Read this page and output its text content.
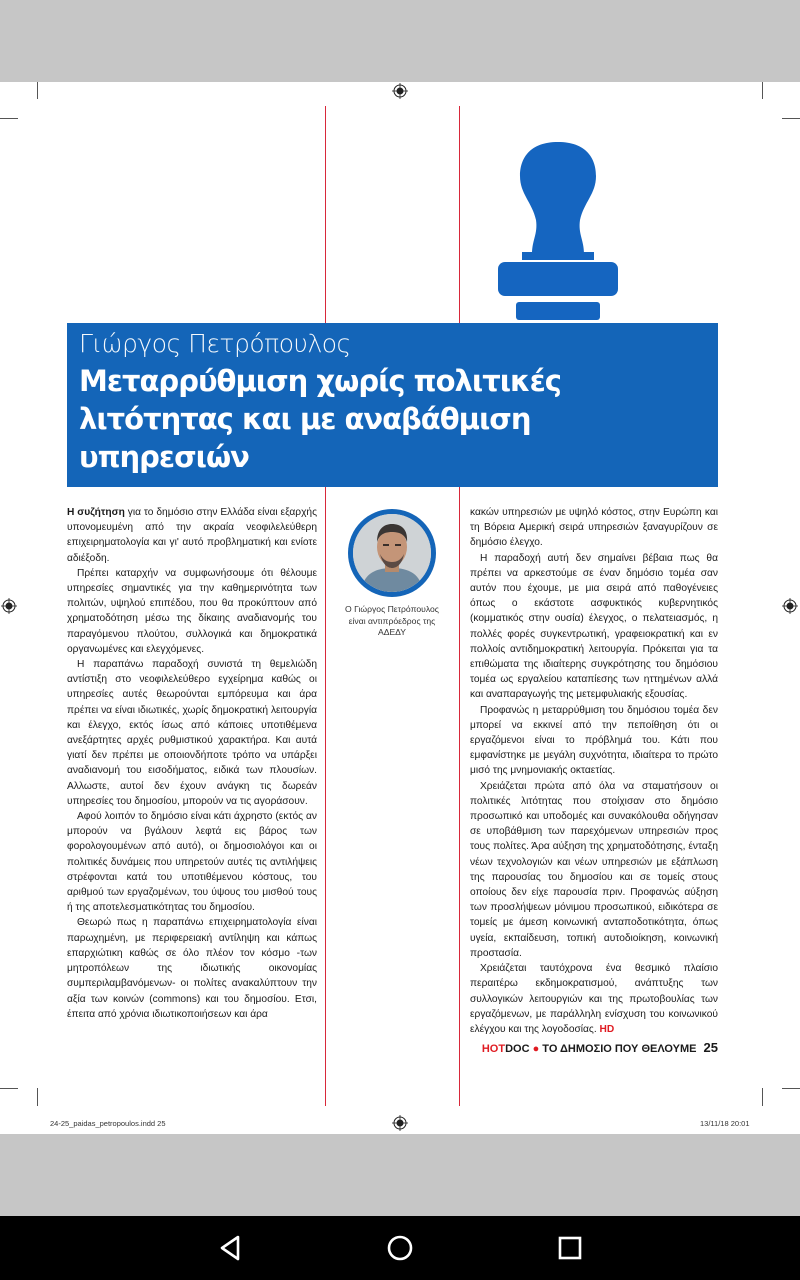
Γιώργος Πετρόπουλος
Μεταρρύθμιση χωρίς πολιτικές
λιτότητας και με αναβάθμιση
υπηρεσιών

Η συζήτηση για το δημόσιο στην Ελλάδα είναι εξαρχής υπονομευμένη από την ακραία νεοφιλελεύθερη επιχειρηματολογία και γι' αυτό προβληματική και ενίοτε αδιέξοδη.

Πρέπει καταρχήν να συμφωνήσουμε ότι θέλουμε υπηρεσίες σημαντικές για την καθημερινότητα των πολιτών, υψηλού επιπέδου, που θα προκύπτουν από χρηματοδότηση μέσω της δίκαιης αναδιανομής του παραγόμενου πλούτου, συλλογικά και δημοκρατικά οργανωμένες και ελεγχόμενες.

Η παραπάνω παραδοχή συνιστά τη θεμελιώδη αντίστιξη στο νεοφιλελεύθερο εγχείρημα καθώς οι υπηρεσίες αυτές θεωρούνται εμπόρευμα και άρα πρέπει να είναι ιδιωτικές, χωρίς δημοκρατική λειτουργία και έλεγχο, εκτός ίσως από κάποιες υποτιθέμενα ανεξάρτητες αρχές ρυθμιστικού χαρακτήρα. Και αυτά γιατί δεν πρέπει με οποιονδήποτε τρόπο να υπάρξει αναδιανομή του εισοδήματος, ειδικά των πλουσίων. Αλλωστε, αυτοί δεν έχουν ανάγκη τις δωρεάν υπηρεσίες του δημοσίου, μπορούν να τις αγοράσουν.

Αφού λοιπόν το δημόσιο είναι κάτι άχρηστο (εκτός αν μπορούν να βγάλουν λεφτά εις βάρος των φορολογουμένων από αυτό), οι δημοσιολόγοι και οι πολιτικές δυνάμεις που υπηρετούν αυτές τις αντιλήψεις στρέφονται κατά του υποτιθέμενου κόστους, του αριθμού των εργαζομένων, του ύψους του μισθού τους ή της αποτελεσματικότητας του δημοσίου.

Θεωρώ πως η παραπάνω επιχειρηματολογία είναι παρωχημένη, με περιφερειακή αντίληψη και κάπως επαρχιώτικη καθώς σε όλο πλέον τον κόσμο -των μητροπόλεων της ιδιωτικής οικονομίας συμπεριλαμβανόμενων- οι πολίτες ανακαλύπτουν την αξία των κοινών (commons) και του δημοσίου. Ετσι, έπειτα από χρόνια ιδιωτικοποιήσεων και άρα

Ο Γιώργος Πετρόπουλος είναι αντιπρόεδρος της ΑΔΕΔΥ

κακών υπηρεσιών με υψηλό κόστος, στην Ευρώπη και τη Βόρεια Αμερική σειρά υπηρεσιών ξαναγυρίζουν σε δημόσιο έλεγχο.

Η παραδοχή αυτή δεν σημαίνει βέβαια πως θα πρέπει να αρκεστούμε σε έναν δημόσιο τομέα σαν αυτόν που έχουμε, με μια σειρά από παθογένειες όπως ο εκάστοτε ασφυκτικός κυβερνητικός (κομματικός στην ουσία) έλεγχος, ο πελατειασμός, η πολλές φορές συγκεντρωτική, γραφειοκρατική και εν πολλοίς αντιδημοκρατική λειτουργία. Πρόκειται για τα επιθώματα της ιδιαίτερης συγκρότησης του δημόσιου τομέα ως εργαλείου καταπίεσης των ηττημένων αλλά και αναπαραγωγής της μετεμφυλιακής εξουσίας.

Προφανώς η μεταρρύθμιση του δημόσιου τομέα δεν μπορεί να εκκινεί από την πεποίθηση ότι οι εργαζόμενοι είναι το πρόβλημά του. Κάτι που εμφανίστηκε με μεγάλη συχνότητα, ιδιαίτερα το πρώτο μισό της μνημονιακής οκταετίας.

Χρειάζεται πρώτα από όλα να σταματήσουν οι πολιτικές λιτότητας που στοίχισαν στο δημόσιο προσωπικό και υποδομές και συνακόλουθα οδήγησαν σε υποβάθμιση των παρεχόμενων υπηρεσιών προς τους πολίτες. Άρα αύξηση της χρηματοδότησης, ένταξη νέων τεχνολογιών και νέων υπηρεσιών με εξάπλωση της παρουσίας του δημοσίου και σε τομείς στους οποίους δεν είχε παρουσία πριν. Προφανώς αύξηση των προσλήψεων μόνιμου προσωπικού, ειδικότερα σε τομείς με άμεση κοινωνική ανταποδοτικότητα, όπως υγεία, εκπαίδευση, τοπική αυτοδιοίκηση, κοινωνική προστασία.

Χρειάζεται ταυτόχρονα ένα θεσμικό πλαίσιο περαιτέρω εκδημοκρατισμού, ανάπτυξης των συλλογικών λειτουργιών και της πρωτοβουλίας των εργαζόμενων, με παράλληλη ενίσχυση του κοινωνικού ελέγχου και της λογοδοσίας. HD

HOTDOC ● ΤΟ ΔΗΜΟΣΙΟ ΠΟΥ ΘΕΛΟΥΜΕ 25
24-25_paidas_petropoulos.indd 25	13/11/18 20:01
